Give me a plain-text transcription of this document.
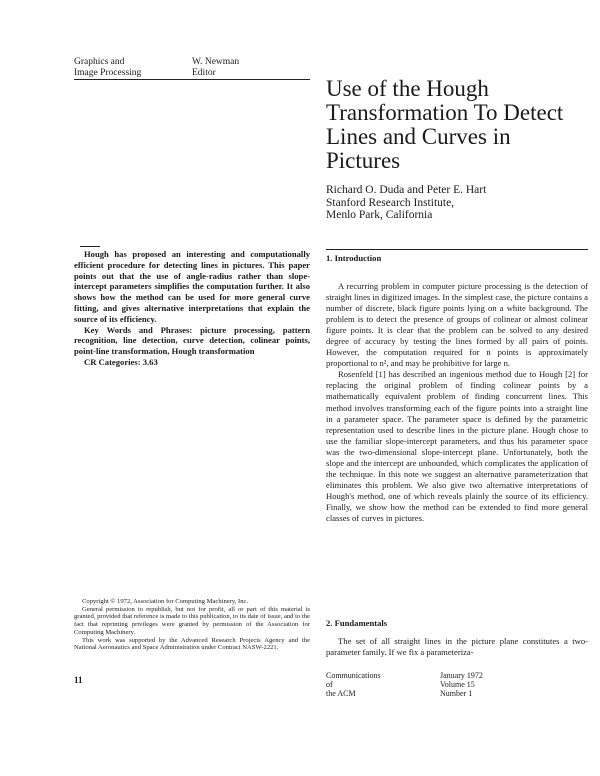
Graphics and
Image Processing
W. Newman
Editor
Use of the Hough Transformation To Detect Lines and Curves in Pictures
Richard O. Duda and Peter E. Hart
Stanford Research Institute,
Menlo Park, California

Hough has proposed an interesting and computationally efficient procedure for detecting lines in pictures. This paper points out that the use of angle-radius rather than slope-intercept parameters simplifies the computation further. It also shows how the method can be used for more general curve fitting, and gives alternative interpretations that explain the source of its efficiency.

Key Words and Phrases: picture processing, pattern recognition, line detection, curve detection, colinear points, point-line transformation, Hough transformation

CR Categories: 3.63

Copyright © 1972, Association for Computing Machinery, Inc.

General permission to republish, but not for profit, all or part of this material is granted, provided that reference is made to this publication, to its date of issue, and to the fact that reprinting privileges were granted by permission of the Association for Computing Machinery.

This work was supported by the Advanced Research Projects Agency and the National Aeronautics and Space Administration under Contract NASW-2221.

1. Introduction

A recurring problem in computer picture processing is the detection of straight lines in digitized images. In the simplest case, the picture contains a number of discrete, black figure points lying on a white background. The problem is to detect the presence of groups of colinear or almost colinear figure points. It is clear that the problem can be solved to any desired degree of accuracy by testing the lines formed by all pairs of points. However, the computation required for n points is approximately proportional to n², and may be prohibitive for large n.

Rosenfeld [1] has described an ingenious method due to Hough [2] for replacing the original problem of finding colinear points by a mathematically equivalent problem of finding concurrent lines. This method involves transforming each of the figure points into a straight line in a parameter space. The parameter space is defined by the parametric representation used to describe lines in the picture plane. Hough chose to use the familiar slope-intercept parameters, and thus his parameter space was the two-dimensional slope-intercept plane. Unfortunately, both the slope and the intercept are unbounded, which complicates the application of the technique. In this note we suggest an alternative parameterization that eliminates this problem. We also give two alternative interpretations of Hough's method, one of which reveals plainly the source of its efficiency. Finally, we show how the method can be extended to find more general classes of curves in pictures.

2. Fundamentals

The set of all straight lines in the picture plane constitutes a two-parameter family. If we fix a parameteriza-

11	Communications
of
the ACM
January 1972
Volume 15
Number 1
